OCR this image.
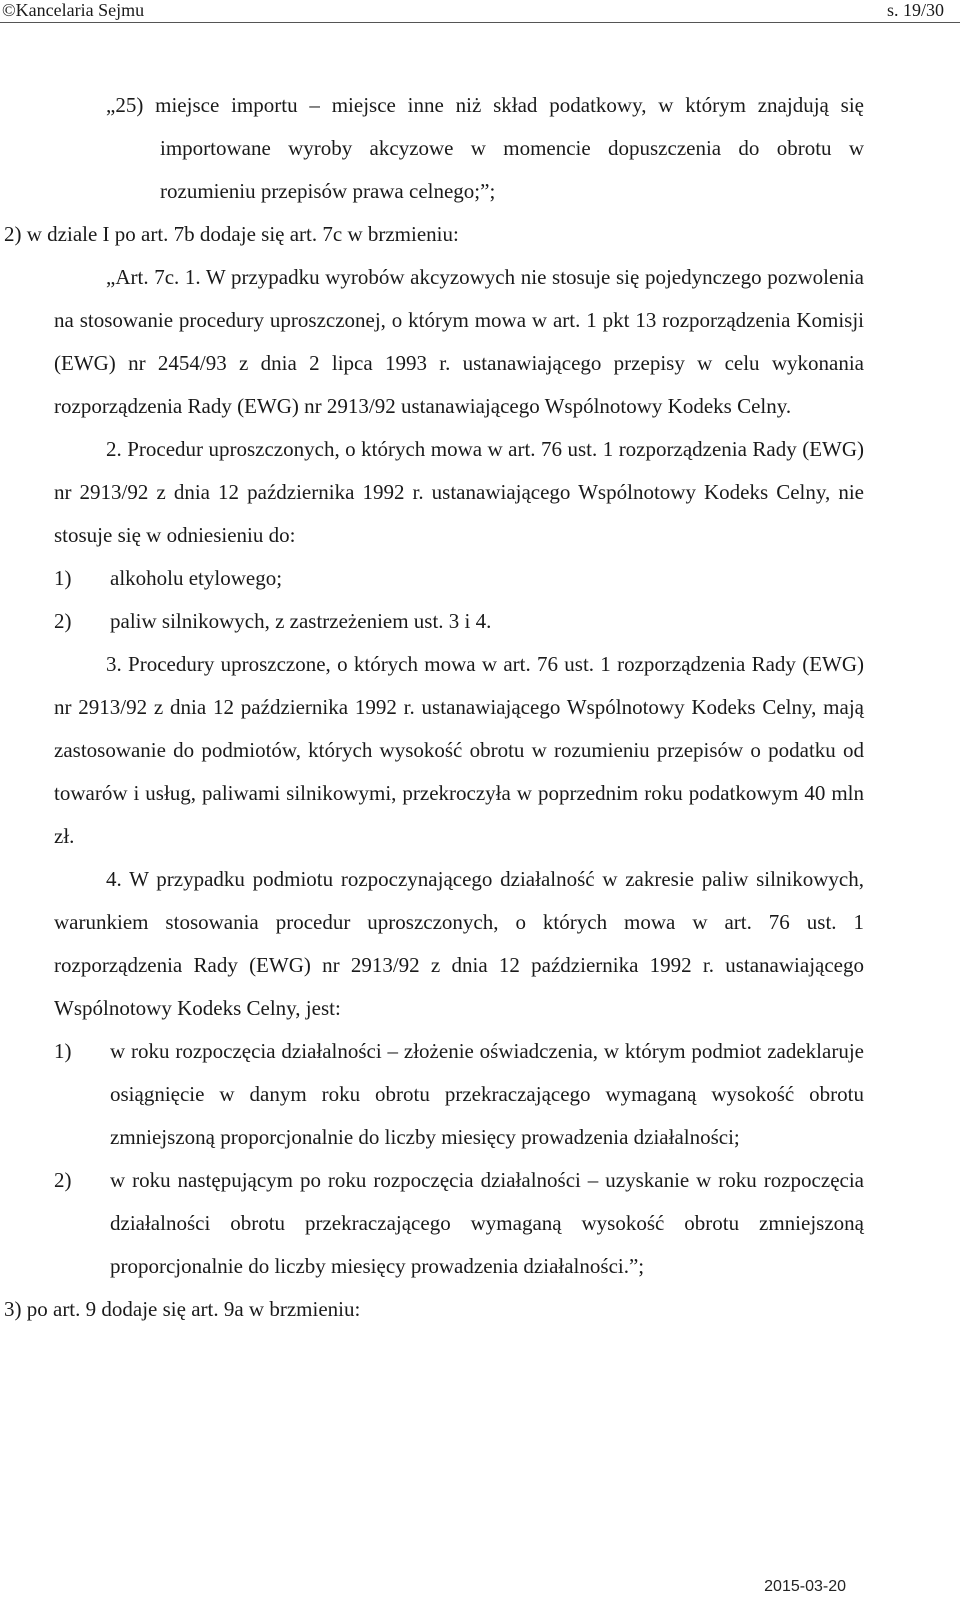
©Kancelaria Sejmu	s. 19/30
„25) miejsce importu – miejsce inne niż skład podatkowy, w którym znajdują się importowane wyroby akcyzowe w momencie dopuszczenia do obrotu w rozumieniu przepisów prawa celnego;”;
2) w dziale I po art. 7b dodaje się art. 7c w brzmieniu:
„Art. 7c. 1. W przypadku wyrobów akcyzowych nie stosuje się pojedynczego pozwolenia na stosowanie procedury uproszczonej, o którym mowa w art. 1 pkt 13 rozporządzenia Komisji (EWG) nr 2454/93 z dnia 2 lipca 1993 r. ustanawiającego przepisy w celu wykonania rozporządzenia Rady (EWG) nr 2913/92 ustanawiającego Wspólnotowy Kodeks Celny.
2. Procedur uproszczonych, o których mowa w art. 76 ust. 1 rozporządzenia Rady (EWG) nr 2913/92 z dnia 12 października 1992 r. ustanawiającego Wspólnotowy Kodeks Celny, nie stosuje się w odniesieniu do:
1) alkoholu etylowego;
2) paliw silnikowych, z zastrzeżeniem ust. 3 i 4.
3. Procedury uproszczone, o których mowa w art. 76 ust. 1 rozporządzenia Rady (EWG) nr 2913/92 z dnia 12 października 1992 r. ustanawiającego Wspólnotowy Kodeks Celny, mają zastosowanie do podmiotów, których wysokość obrotu w rozumieniu przepisów o podatku od towarów i usług, paliwami silnikowymi, przekroczyła w poprzednim roku podatkowym 40 mln zł.
4. W przypadku podmiotu rozpoczynającego działalność w zakresie paliw silnikowych, warunkiem stosowania procedur uproszczonych, o których mowa w art. 76 ust. 1 rozporządzenia Rady (EWG) nr 2913/92 z dnia 12 października 1992 r. ustanawiającego Wspólnotowy Kodeks Celny, jest:
1) w roku rozpoczęcia działalności – złożenie oświadczenia, w którym podmiot zadeklaruje osiągnięcie w danym roku obrotu przekraczającego wymaganą wysokość obrotu zmniejszoną proporcjonalnie do liczby miesięcy prowadzenia działalności;
2) w roku następującym po roku rozpoczęcia działalności – uzyskanie w roku rozpoczęcia działalności obrotu przekraczającego wymaganą wysokość obrotu zmniejszoną proporcjonalnie do liczby miesięcy prowadzenia działalności.”;
3) po art. 9 dodaje się art. 9a w brzmieniu:
2015-03-20
